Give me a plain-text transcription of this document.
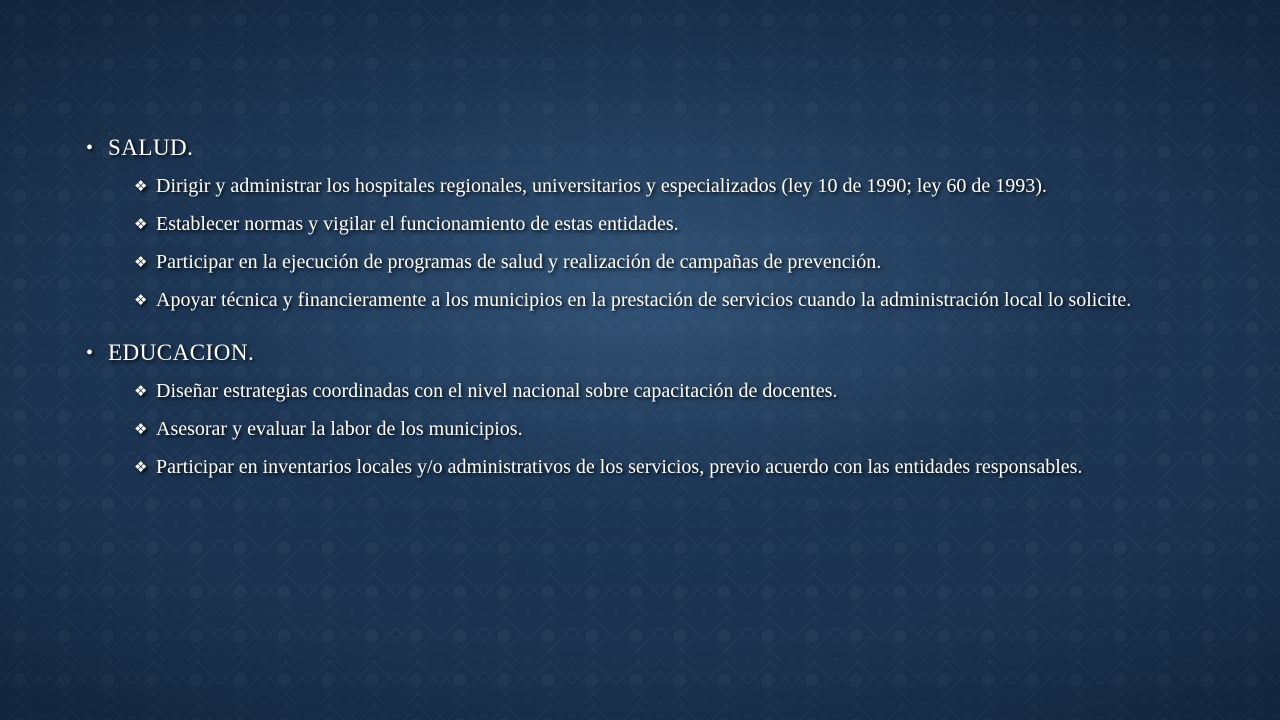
• SALUD.
❖ Dirigir y administrar los hospitales regionales, universitarios y especializados (ley 10 de 1990; ley 60 de 1993).
❖ Establecer normas y vigilar el funcionamiento de estas entidades.
❖ Participar en la ejecución de programas de salud y realización de campañas de prevención.
❖ Apoyar técnica y financieramente a los municipios en la prestación de servicios cuando la administración local lo solicite.
• EDUCACION.
❖ Diseñar estrategias coordinadas con el nivel nacional sobre capacitación de docentes.
❖ Asesorar y evaluar la labor de los municipios.
❖ Participar en inventarios locales y/o administrativos de los servicios, previo acuerdo con las entidades responsables.
